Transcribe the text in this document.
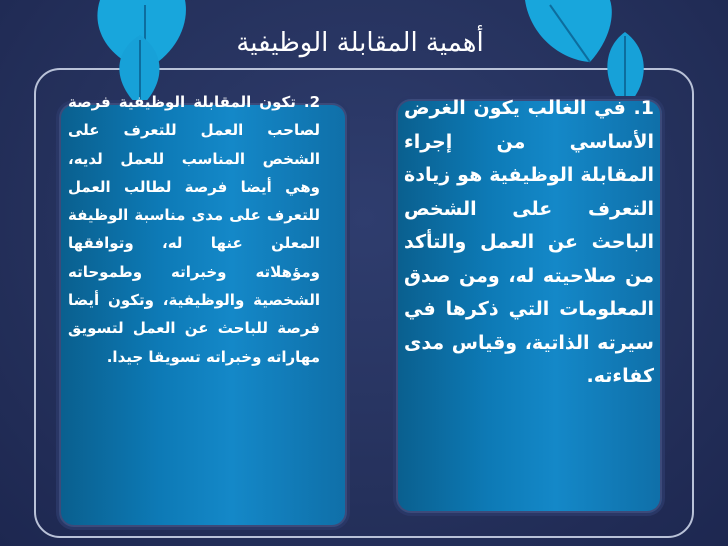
أهمية المقابلة الوظيفية
2. تكون المقابلة الوظيفية فرصة لصاحب العمل للتعرف على الشخص المناسب للعمل لديه، وهي أيضا فرصة لطالب العمل للتعرف على مدى مناسبة الوظيفة المعلن عنها له، وتوافقها ومؤهلاته وخبراته وطموحاته الشخصية والوظيفية، وتكون أيضا فرصة للباحث عن العمل لتسويق مهاراته وخبراته تسويقا جيدا.
1. في الغالب يكون الغرض الأساسي من إجراء المقابلة الوظيفية هو زيادة التعرف على الشخص الباحث عن العمل والتأكد من صلاحيته له، ومن صدق المعلومات التي ذكرها في سيرته الذاتية، وقياس مدى كفاءته.
